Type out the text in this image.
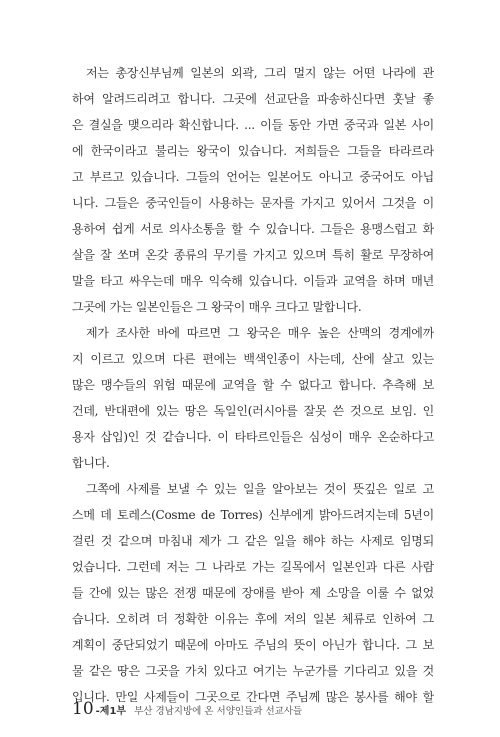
저는 총장신부님께 일본의 외곽, 그리 멀지 않는 어떤 나라에 관
하여 알려드리려고 합니다. 그곳에 선교단을 파송하신다면 훗날 좋
은 결실을 맺으리라 확신합니다. ... 이들 동안 가면 중국과 일본 사이
에 한국이라고 불리는 왕국이 있습니다. 저희들은 그들을 타라르라
고 부르고 있습니다. 그들의 언어는 일본어도 아니고 중국어도 아닙
니다. 그들은 중국인들이 사용하는 문자를 가지고 있어서 그것을 이
용하여 쉽게 서로 의사소통을 할 수 있습니다. 그들은 용맹스럽고 화
살을 잘 쏘며 온갖 종류의 무기를 가지고 있으며 특히 활로 무장하여
말을 타고 싸우는데 매우 익숙해 있습니다. 이들과 교역을 하며 매년
그곳에 가는 일본인들은 그 왕국이 매우 크다고 말합니다.
제가 조사한 바에 따르면 그 왕국은 매우 높은 산맥의 경계에까
지 이르고 있으며 다른 편에는 백색인종이 사는데, 산에 살고 있는
많은 맹수들의 위험 때문에 교역을 할 수 없다고 합니다. 추측해 보
건데, 반대편에 있는 땅은 독일인(러시아를 잘못 쓴 것으로 보임. 인
용자 삽입)인 것 같습니다. 이 타타르인들은 심성이 매우 온순하다고
합니다.
그쪽에 사제를 보낼 수 있는 일을 알아보는 것이 뜻깊은 일로 고
스메 데 토레스(Cosme de Torres) 신부에게 밝아드려지는데 5년이
걸린 것 같으며 마침내 제가 그 같은 일을 해야 하는 사제로 임명되
었습니다. 그런데 저는 그 나라로 가는 길목에서 일본인과 다른 사람
들 간에 있는 많은 전쟁 때문에 장애를 받아 제 소망을 이룰 수 없었
습니다. 오히려 더 정확한 이유는 후에 저의 일본 체류로 인하여 그
계획이 중단되었기 때문에 아마도 주님의 뜻이 아닌가 합니다. 그 보
물 같은 땅은 그곳을 가치 있다고 여기는 누군가를 기다리고 있을 것
입니다. 만일 사제들이 그곳으로 간다면 주님께 많은 봉사를 해야 할
10 -제1부 부산 경남지방에 온 서양인들과 선교사들
